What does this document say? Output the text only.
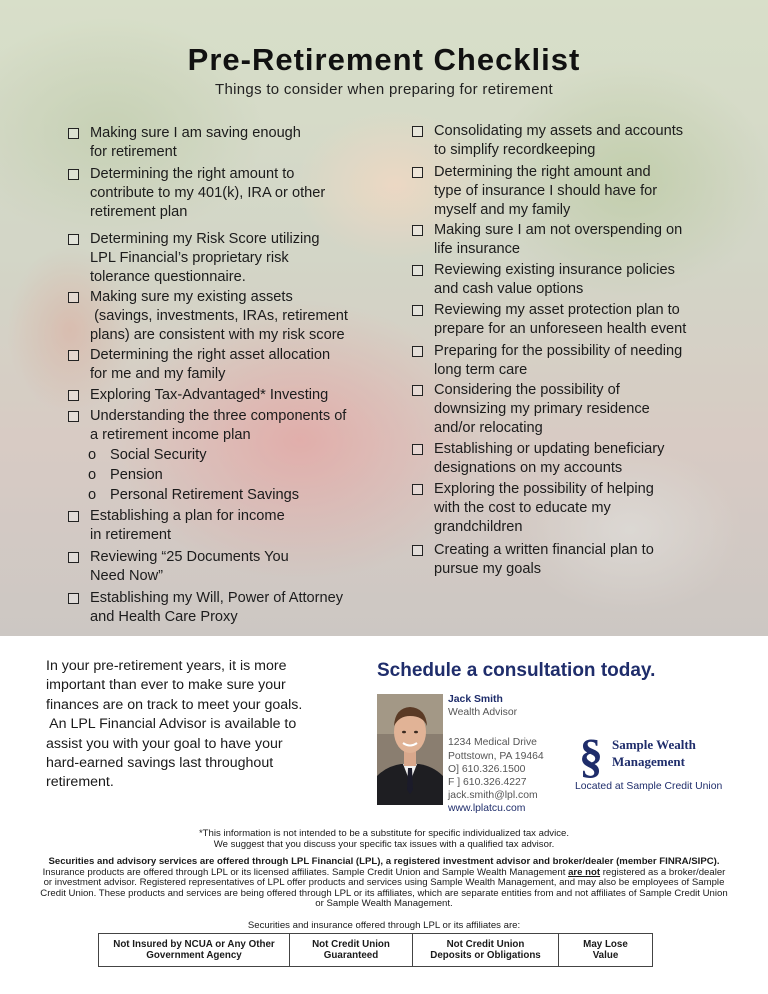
Pre-Retirement Checklist
Things to consider when preparing for retirement
Making sure I am saving enough
for retirement
Determining the right amount to
contribute to my 401(k), IRA or other
retirement plan
Determining my Risk Score utilizing
LPL Financial’s proprietary risk
tolerance questionnaire.
Making sure my existing assets
(savings, investments, IRAs, retirement
plans) are consistent with my risk score
Determining the right asset allocation
for me and my family
Exploring Tax-Advantaged* Investing
Understanding the three components of
a retirement income plan
o Social Security
o Pension
o Personal Retirement Savings
Establishing a plan for income
in retirement
Reviewing “25 Documents You
Need Now”
Establishing my Will, Power of Attorney
and Health Care Proxy
Consolidating my assets and accounts
to simplify recordkeeping
Determining the right amount and
type of insurance I should have for
myself and my family
Making sure I am not overspending on
life insurance
Reviewing existing insurance policies
and cash value options
Reviewing my asset protection plan to
prepare for an unforeseen health event
Preparing for the possibility of needing
long term care
Considering the possibility of
downsizing my primary residence
and/or relocating
Establishing or updating beneficiary
designations on my accounts
Exploring the possibility of helping
with the cost to educate my
grandchildren
Creating a written financial plan to
pursue my goals
In your pre-retirement years, it is more
important than ever to make sure your
finances are on track to meet your goals.
An LPL Financial Advisor is available to
assist you with your goal to have your
hard-earned savings last throughout
retirement.
Schedule a consultation today.
Jack Smith
Wealth Advisor
1234 Medical Drive
Pottstown, PA 19464
O] 610.326.1500
F ] 610.326.4227
jack.smith@lpl.com
www.lplatcu.com
§ Sample Wealth
Management
Located at Sample Credit Union
*This information is not intended to be a substitute for specific individualized tax advice.
We suggest that you discuss your specific tax issues with a qualified tax advisor.
Securities and advisory services are offered through LPL Financial (LPL), a registered investment advisor and broker/dealer (member FINRA/SIPC). Insurance products are offered through LPL or its licensed affiliates. Sample Credit Union and Sample Wealth Management are not registered as a broker/dealer or investment advisor. Registered representatives of LPL offer products and services using Sample Wealth Management, and may also be employees of Sample Credit Union. These products and services are being offered through LPL or its affiliates, which are separate entities from and not affiliates of Sample Credit Union or Sample Wealth Management.
Securities and insurance offered through LPL or its affiliates are:
Not Insured by NCUA or Any Other
Government Agency
Not Credit Union
Guaranteed
Not Credit Union
Deposits or Obligations
May Lose
Value
